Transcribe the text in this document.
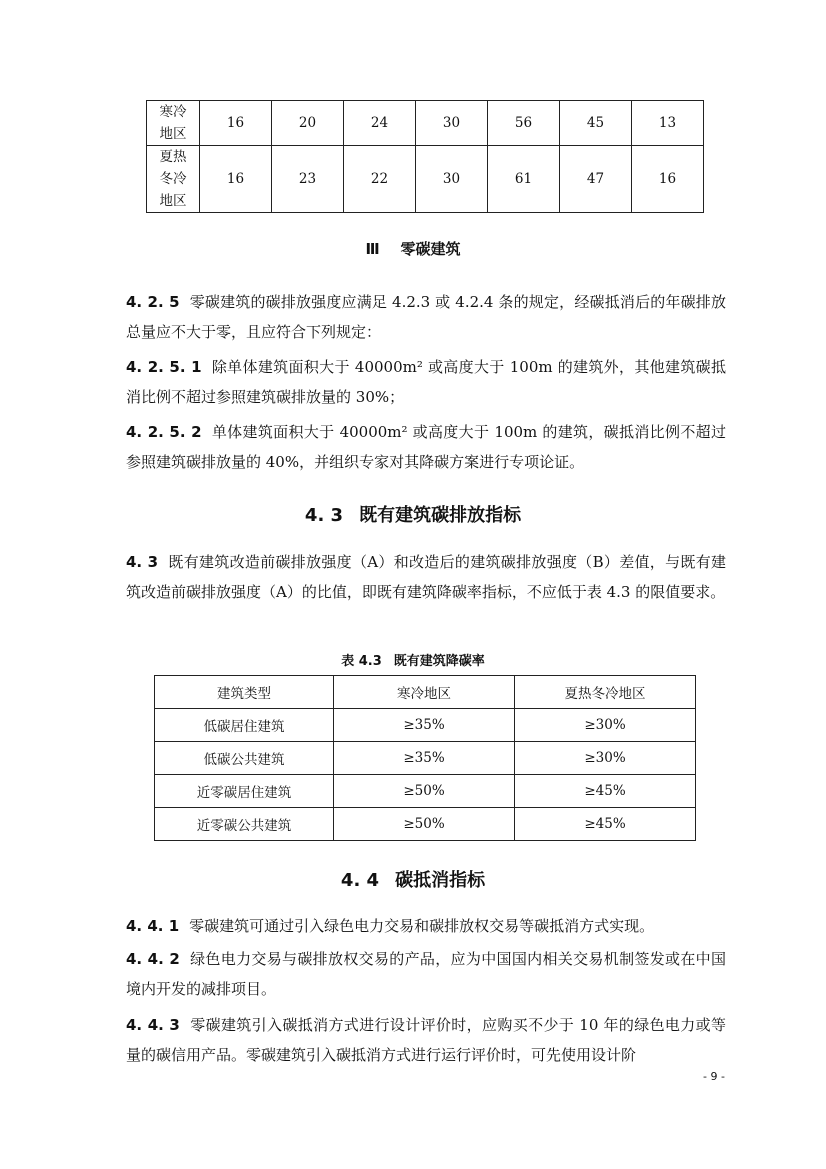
寒冷
地区	16	20	24	30	56	45	13
夏热
冬冷
地区	16	23	22	30	61	47	16
Ⅲ 零碳建筑
4. 2. 5 零碳建筑的碳排放强度应满足 4.2.3 或 4.2.4 条的规定，经碳抵消后的年碳排放总量应不大于零，且应符合下列规定：
4. 2. 5. 1 除单体建筑面积大于 40000m² 或高度大于 100m 的建筑外，其他建筑碳抵消比例不超过参照建筑碳排放量的 30%；
4. 2. 5. 2 单体建筑面积大于 40000m² 或高度大于 100m 的建筑，碳抵消比例不超过参照建筑碳排放量的 40%，并组织专家对其降碳方案进行专项论证。
4. 3 既有建筑碳排放指标
4. 3 既有建筑改造前碳排放强度（A）和改造后的建筑碳排放强度（B）差值，与既有建筑改造前碳排放强度（A）的比值，即既有建筑降碳率指标，不应低于表 4.3 的限值要求。
表 4.3 既有建筑降碳率
建筑类型	寒冷地区	夏热冬冷地区
低碳居住建筑	≥35%	≥30%
低碳公共建筑	≥35%	≥30%
近零碳居住建筑	≥50%	≥45%
近零碳公共建筑	≥50%	≥45%
4. 4 碳抵消指标
4. 4. 1 零碳建筑可通过引入绿色电力交易和碳排放权交易等碳抵消方式实现。
4. 4. 2 绿色电力交易与碳排放权交易的产品，应为中国国内相关交易机制签发或在中国境内开发的减排项目。
4. 4. 3 零碳建筑引入碳抵消方式进行设计评价时，应购买不少于 10 年的绿色电力或等量的碳信用产品。零碳建筑引入碳抵消方式进行运行评价时，可先使用设计阶
- 9 -
